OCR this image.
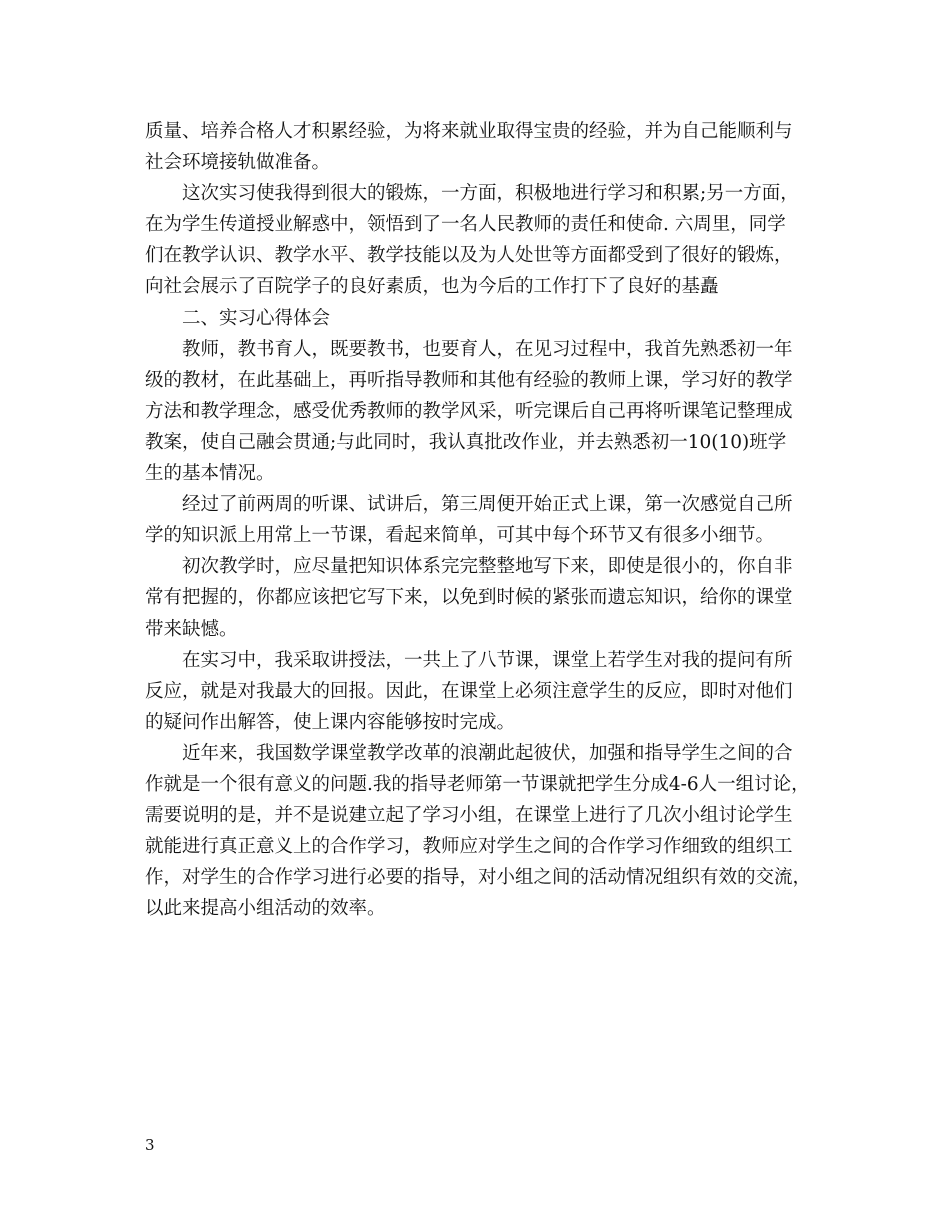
质量、培养合格人才积累经验，为将来就业取得宝贵的经验，并为自己能顺利与
社会环境接轨做准备。
这次实习使我得到很大的锻炼，一方面，积极地进行学习和积累;另一方面，
在为学生传道授业解惑中，领悟到了一名人民教师的责任和使命. 六周里，同学
们在教学认识、教学水平、教学技能以及为人处世等方面都受到了很好的锻炼，
向社会展示了百院学子的良好素质，也为今后的工作打下了良好的基矗
二、实习心得体会
教师，教书育人，既要教书，也要育人，在见习过程中，我首先熟悉初一年
级的教材，在此基础上，再听指导教师和其他有经验的教师上课，学习好的教学
方法和教学理念，感受优秀教师的教学风采，听完课后自己再将听课笔记整理成
教案，使自己融会贯通;与此同时，我认真批改作业，并去熟悉初一10(10)班学
生的基本情况。
经过了前两周的听课、试讲后，第三周便开始正式上课，第一次感觉自己所
学的知识派上用常上一节课，看起来简单，可其中每个环节又有很多小细节。
初次教学时，应尽量把知识体系完完整整地写下来，即使是很小的，你自非
常有把握的，你都应该把它写下来，以免到时候的紧张而遗忘知识，给你的课堂
带来缺憾。
在实习中，我采取讲授法，一共上了八节课，课堂上若学生对我的提问有所
反应，就是对我最大的回报。因此，在课堂上必须注意学生的反应，即时对他们
的疑问作出解答，使上课内容能够按时完成。
近年来，我国数学课堂教学改革的浪潮此起彼伏，加强和指导学生之间的合
作就是一个很有意义的问题.我的指导老师第一节课就把学生分成4-6人一组讨论，
需要说明的是，并不是说建立起了学习小组，在课堂上进行了几次小组讨论学生
就能进行真正意义上的合作学习，教师应对学生之间的合作学习作细致的组织工
作，对学生的合作学习进行必要的指导，对小组之间的活动情况组织有效的交流，
以此来提高小组活动的效率。
3
